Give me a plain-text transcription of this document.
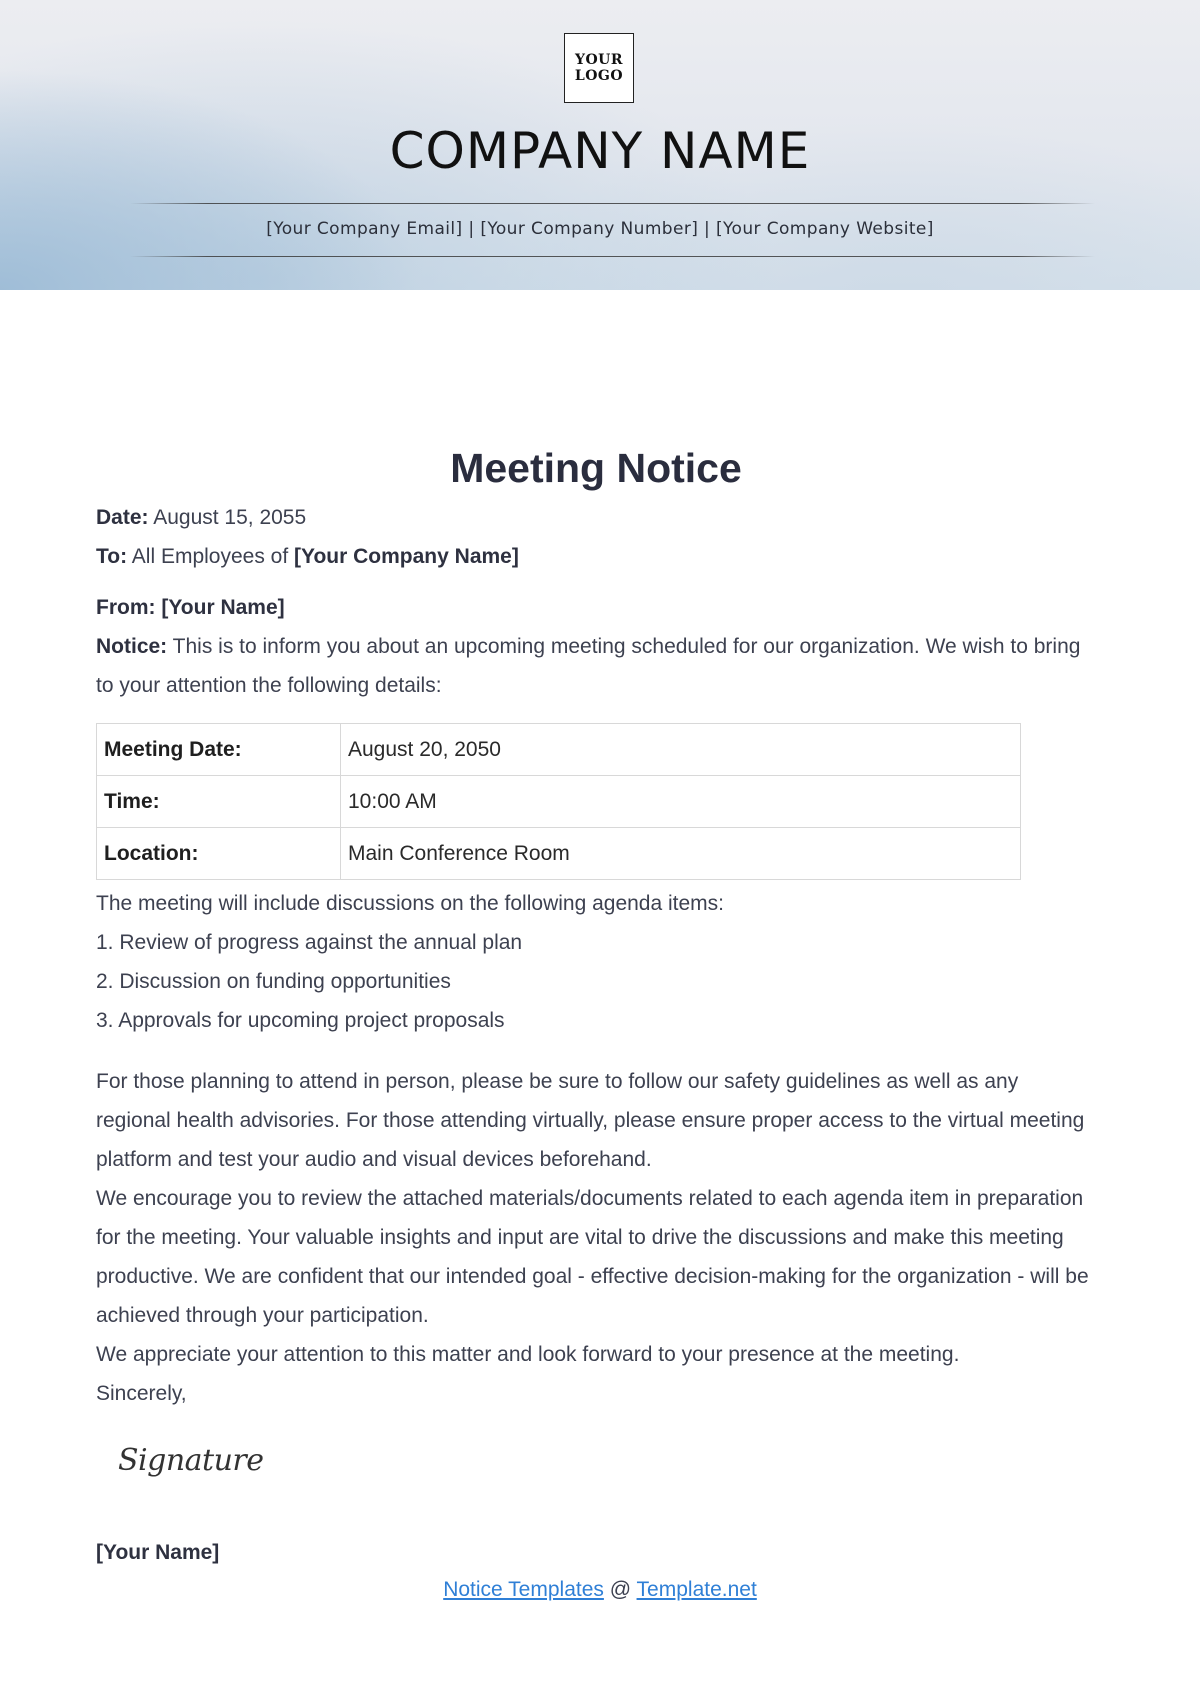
YOUR
LOGO
COMPANY NAME
[Your Company Email] | [Your Company Number] | [Your Company Website]
Meeting Notice

Date: August 15, 2055

To: All Employees of [Your Company Name]

From: [Your Name]

Notice: This is to inform you about an upcoming meeting scheduled for our organization. We wish to bring to your attention the following details:

Meeting Date:	August 20, 2050
Time:	10:00 AM
Location:	Main Conference Room

The meeting will include discussions on the following agenda items:

1. Review of progress against the annual plan
2. Discussion on funding opportunities
3. Approvals for upcoming project proposals

For those planning to attend in person, please be sure to follow our safety guidelines as well as any regional health advisories. For those attending virtually, please ensure proper access to the virtual meeting platform and test your audio and visual devices beforehand.

We encourage you to review the attached materials/documents related to each agenda item in preparation for the meeting. Your valuable insights and input are vital to drive the discussions and make this meeting productive. We are confident that our intended goal - effective decision-making for the organization - will be achieved through your participation.

We appreciate your attention to this matter and look forward to your presence at the meeting.

Sincerely,

Signature

[Your Name]

Notice Templates @ Template.net
